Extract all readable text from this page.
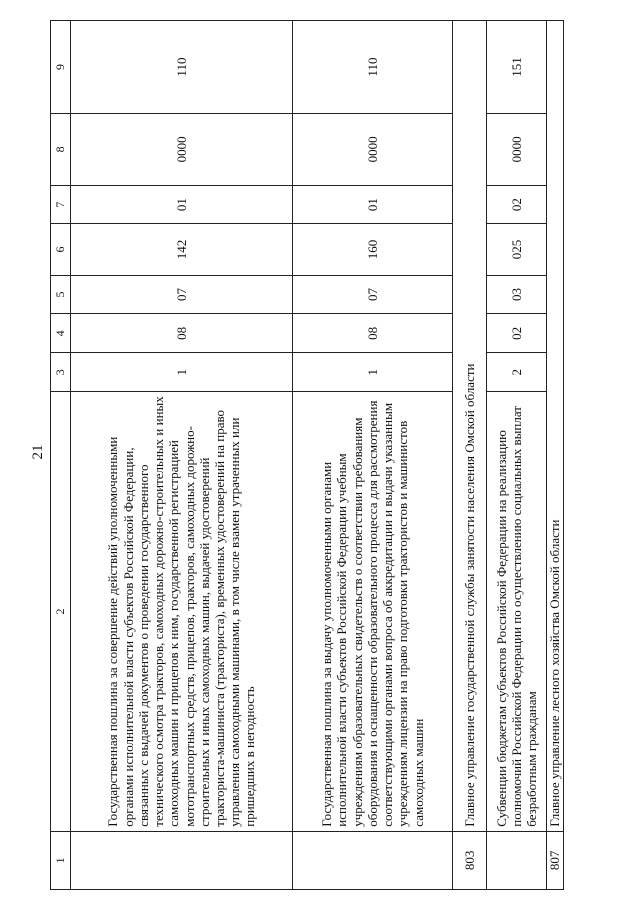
21
1	2	3	4	5	6	7	8	9
	Государственная пошлина за совершение действий уполномоченными органами исполнительной власти субъектов Российской Федерации, связанных с выдачей документов о проведении государственного технического осмотра тракторов, самоходных дорожно-строительных и иных самоходных машин и прицепов к ним, государственной регистрацией мототранспортных средств, прицепов, тракторов, самоходных дорожно-строительных и иных самоходных машин, выдачей удостоверений тракториста-машиниста (тракториста), временных удостоверений на право управления самоходными машинами, в том числе взамен утраченных или пришедших в негодность	1	08	07	142	01	0000	110
	Государственная пошлина за выдачу уполномоченными органами исполнительной власти субъектов Российской Федерации учебным учреждениям образовательных свидетельств о соответствии требованиям оборудования и оснащенности образовательного процесса для рассмотрения соответствующими органами вопроса об аккредитации и выдачи указанным учреждениям лицензии на право подготовки трактористов и машинистов самоходных машин	1	08	07	160	01	0000	110
803	Главное управление государственной службы занятости населения Омской области							
	Субвенции бюджетам субъектов Российской Федерации на реализацию полномочий Российской Федерации по осуществлению социальных выплат безработным гражданам	2	02	03	025	02	0000	151
807	Главное управление лесного хозяйства Омской области							
